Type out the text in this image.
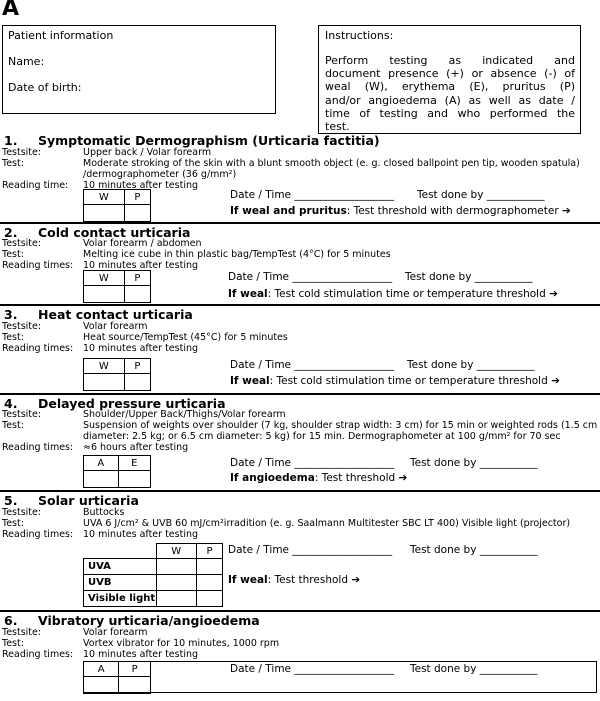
A
Patient information
Name:
Date of birth:
Instructions:
Perform testing as indicated and
document presence (+) or absence (-) of
weal (W), erythema (E), pruritus (P)
and/or angioedema (A) as well as date /
time of testing and who performed the
test.
1. Symptomatic Dermographism (Urticaria factitia)
Testsite:	Upper back / Volar forearm
Test:	Moderate stroking of the skin with a blunt smooth object (e. g. closed ballpoint pen tip, wooden spatula)
/dermographometer (36 g/mm²)
Reading time: 10 minutes after testing
W	P
		Date / Time ___________________ Test done by ___________
If weal and pruritus: Test threshold with dermographometer ➔
2. Cold contact urticaria
Testsite:	Volar forearm / abdomen
Test:	Melting ice cube in thin plastic bag/TempTest (4°C) for 5 minutes
Reading times: 10 minutes after testing
W	P
		Date / Time ___________________ Test done by ___________
If weal: Test cold stimulation time or temperature threshold ➔
3. Heat contact urticaria
Testsite:	Volar forearm
Test:	Heat source/TempTest (45°C) for 5 minutes
Reading times: 10 minutes after testing
W	P
		Date / Time ___________________ Test done by ___________
If weal: Test cold stimulation time or temperature threshold ➔
4. Delayed pressure urticaria
Testsite:	Shoulder/Upper Back/Thighs/Volar forearm
Test:	Suspension of weights over shoulder (7 kg, shoulder strap width: 3 cm) for 15 min or weighted rods (1.5 cm
diameter: 2.5 kg; or 6.5 cm diameter: 5 kg) for 15 min. Dermographometer at 100 g/mm² for 70 sec
Reading times: ≈6 hours after testing
A	E
		Date / Time ___________________ Test done by ___________
If angioedema: Test threshold ➔
5. Solar urticaria
Testsite:	Buttocks
Test:	UVA 6 J/cm² & UVB 60 mJ/cm²irradition (e. g. Saalmann Multitester SBC LT 400) Visible light (projector)
Reading times: 10 minutes after testing
	W	P
UVA		
UVB		
Visible light		
Date / Time ___________________ Test done by ___________
If weal: Test threshold ➔
6. Vibratory urticaria/angioedema
Testsite:	Volar forearm
Test:	Vortex vibrator for 10 minutes, 1000 rpm
Reading times: 10 minutes after testing
A	P
		Date / Time ___________________ Test done by ___________
